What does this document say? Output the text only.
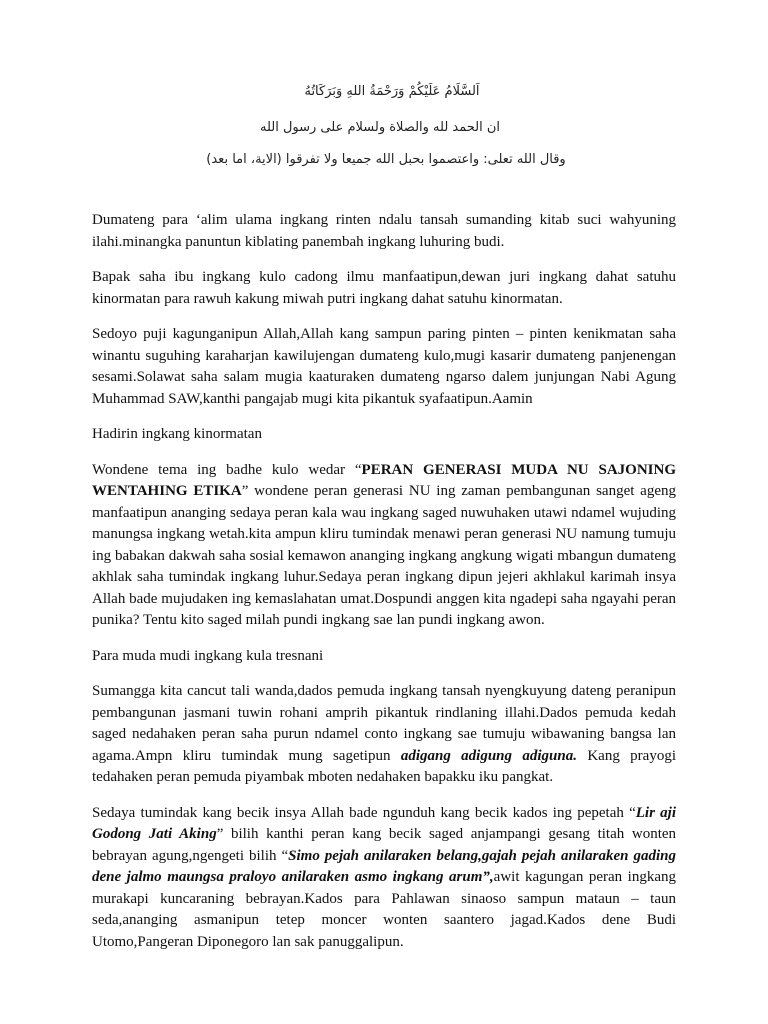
اَلسَّلَامُ عَلَيْكُمْ وَرَحْمَةُ اللهِ وَبَرَكَاتُهُ

ان الحمد لله والصلاة ولسلام على رسول الله

وقال الله تعلى: واعتصموا بحبل الله جميعا ولا تفرقوا (الاية، اما بعد)

Dumateng para ‘alim ulama ingkang rinten ndalu tansah sumanding kitab suci wahyuning ilahi.minangka panuntun kiblating panembah ingkang luhuring budi.

Bapak saha ibu ingkang kulo cadong ilmu manfaatipun,dewan juri ingkang dahat satuhu kinormatan para rawuh kakung miwah putri ingkang dahat satuhu kinormatan.

Sedoyo puji kagunganipun Allah,Allah kang sampun paring pinten – pinten kenikmatan saha winantu suguhing karaharjan kawilujengan dumateng kulo,mugi kasarir dumateng panjenengan sesami.Solawat saha salam mugia kaaturaken dumateng ngarso dalem junjungan Nabi Agung Muhammad SAW,kanthi pangajab mugi kita pikantuk syafaatipun.Aamin

Hadirin ingkang kinormatan

Wondene tema ing badhe kulo wedar “PERAN GENERASI MUDA NU SAJONING WENTAHING ETIKA” wondene peran generasi NU ing zaman pembangunan sanget ageng manfaatipun ananging sedaya peran kala wau ingkang saged nuwuhaken utawi ndamel wujuding manungsa ingkang wetah.kita ampun kliru tumindak menawi peran generasi NU namung tumuju ing babakan dakwah saha sosial kemawon ananging ingkang angkung wigati mbangun dumateng akhlak saha tumindak ingkang luhur.Sedaya peran ingkang dipun jejeri akhlakul karimah insya Allah bade mujudaken ing kemaslahatan umat.Dospundi anggen kita ngadepi saha ngayahi peran punika? Tentu kito saged milah pundi ingkang sae lan pundi ingkang awon.

Para muda mudi ingkang kula tresnani

Sumangga kita cancut tali wanda,dados pemuda ingkang tansah nyengkuyung dateng peranipun pembangunan jasmani tuwin rohani amprih pikantuk rindlaning illahi.Dados pemuda kedah saged nedahaken peran saha purun ndamel conto ingkang sae tumuju wibawaning bangsa lan agama.Ampn kliru tumindak mung sagetipun adigang adigung adiguna. Kang prayogi tedahaken peran pemuda piyambak mboten nedahaken bapakku iku pangkat.

Sedaya tumindak kang becik insya Allah bade ngunduh kang becik kados ing pepetah “Lir aji Godong Jati Aking” bilih kanthi peran kang becik saged anjampangi gesang titah wonten bebrayan agung,ngengeti bilih “Simo pejah anilaraken belang,gajah pejah anilaraken gading dene jalmo maungsa praloyo anilaraken asmo ingkang arum”,awit kagungan peran ingkang murakapi kuncaraning bebrayan.Kados para Pahlawan sinaoso sampun mataun – taun seda,ananging asmanipun tetep moncer wonten saantero jagad.Kados dene Budi Utomo,Pangeran Diponegoro lan sak panuggalipun.
